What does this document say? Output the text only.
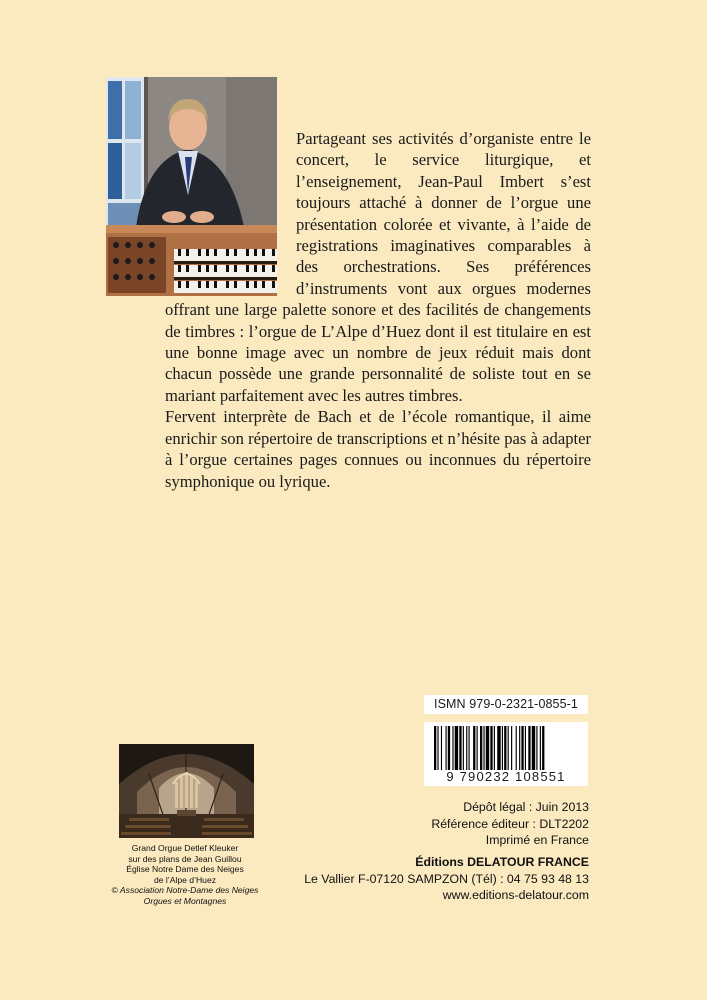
Partageant ses activités d’organiste entre le concert, le service liturgique, et l’enseignement, Jean-Paul Imbert s’est toujours attaché à donner de l’orgue une présentation colorée et vivante, à l’aide de registrations imaginatives comparables à des orchestrations. Ses préférences d’instruments vont aux orgues modernes offrant une large palette sonore et des facilités de changements de timbres : l’orgue de L’Alpe d’Huez dont il est titulaire en est une bonne image avec un nombre de jeux réduit mais dont chacun possède une grande personnalité de soliste tout en se mariant parfaitement avec les autres timbres.

Fervent interprète de Bach et de l’école romantique, il aime enrichir son répertoire de transcriptions et n’hésite pas à adapter à l’orgue certaines pages connues ou inconnues du répertoire symphonique ou lyrique.

ISMN 979-0-2321-0855-1
9 790232 108551
Grand Orgue Detlef Kleuker
sur des plans de Jean Guillou
Église Notre Dame des Neiges
de l’Alpe d’Huez
© Association Notre-Dame des Neiges
Orgues et Montagnes
Dépôt légal : Juin 2013
Référence éditeur : DLT2202
Imprimé en France
Éditions DELATOUR FRANCE
Le Vallier F-07120 SAMPZON (Tél) : 04 75 93 48 13
www.editions-delatour.com
